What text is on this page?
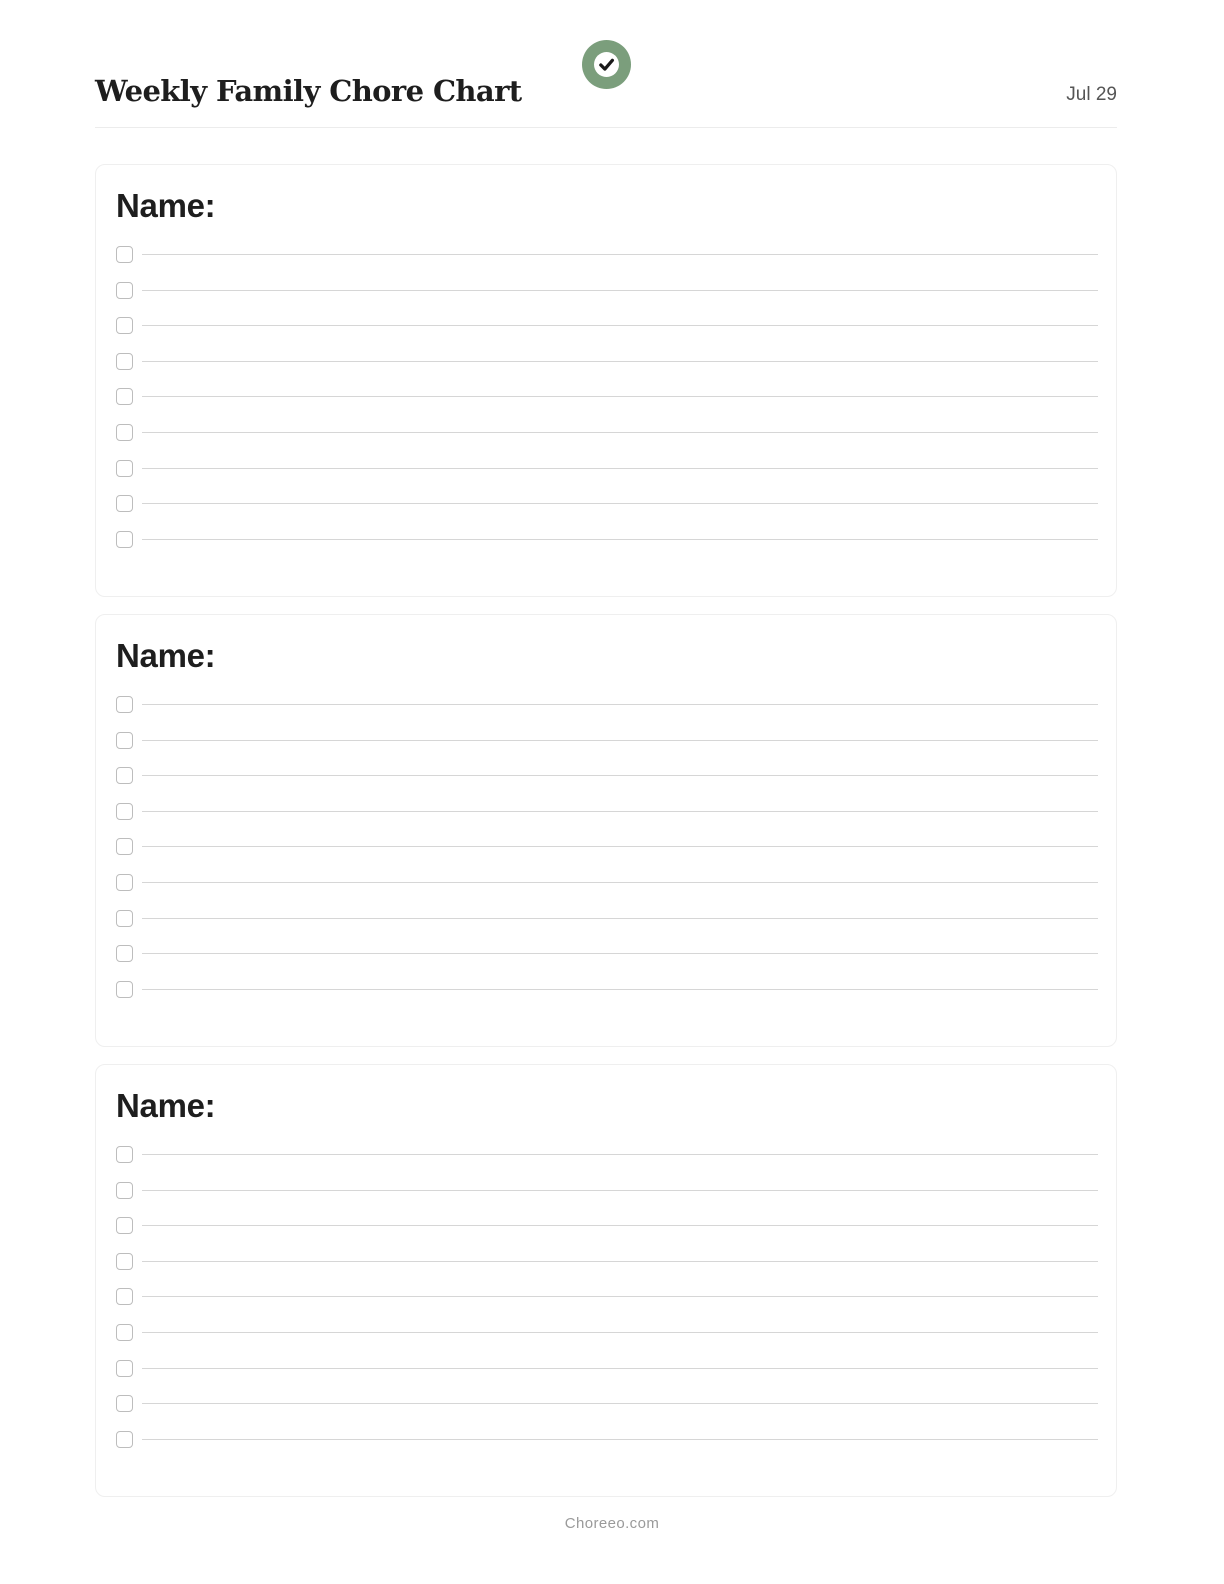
Weekly Family Chore Chart	Jul 29
Name:
Name:
Name:
Choreeo.com
